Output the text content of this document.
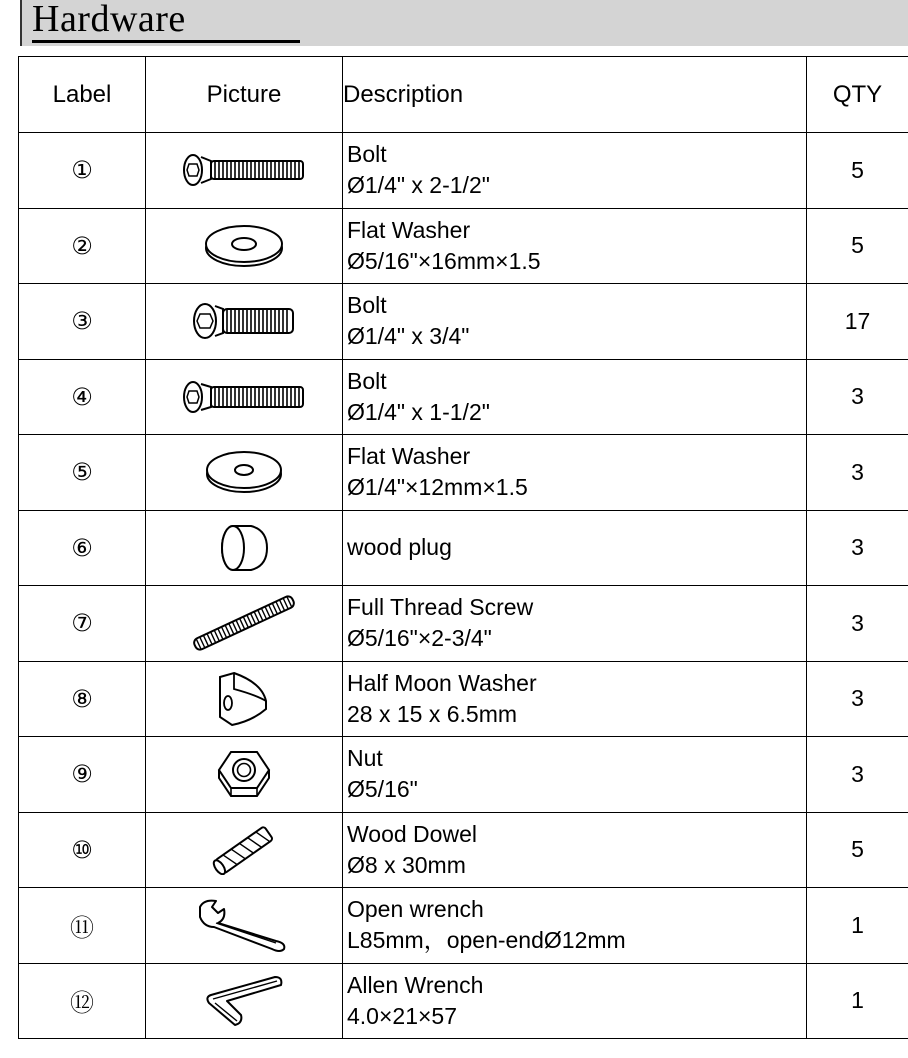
Hardware
Label	Picture	Description	QTY
①		Bolt
Ø1/4" x 2-1/2"	5
②		Flat Washer
Ø5/16"×16mm×1.5	5
③		Bolt
Ø1/4" x 3/4"	17
④		Bolt
Ø1/4" x 1-1/2"	3
⑤		Flat Washer
Ø1/4"×12mm×1.5	3
⑥		wood plug	3
⑦		Full Thread Screw
Ø5/16"×2-3/4"	3
⑧		Half Moon Washer
28 x 15 x 6.5mm	3
⑨		Nut
Ø5/16"	3
⑩		Wood Dowel
Ø8 x 30mm	5
⑪		Open wrench
L85mm，open-endØ12mm	1
⑫		Allen Wrench
4.0×21×57	1
